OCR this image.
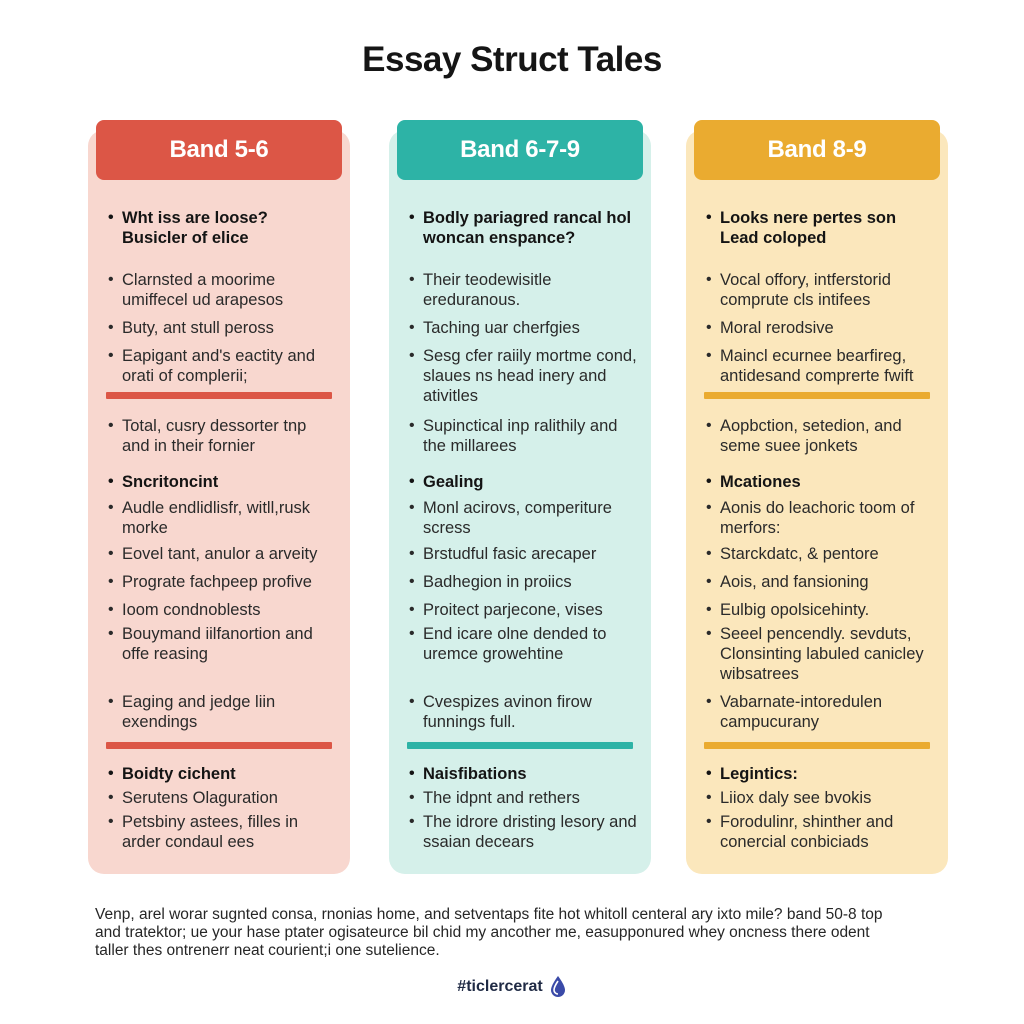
Essay Struct Tales
Band 5-6
• Wht iss are loose? Busicler of elice
• Clarnsted a moorime umiffecel ud arapesos
• Buty, ant stull peross
• Eapigant and's eactity and orati of complerii;
• Total, cusry dessorter tnp and in their fornier
• Sncritoncint
• Audle endlidlisfr, witll,rusk morke
• Eovel tant, anulor a arveity
• Prograte fachpeep profive
• Ioom condnoblests
• Bouymand iilfanortion and offe reasing
• Eaging and jedge liin exendings
• Boidty cichent
• Serutens Olaguration
• Petsbiny astees, filles in arder condaul ees
Band 6-7-9
• Bodly pariagred rancal hol woncan enspance?
• Their teodewisitle ereduranous.
• Taching uar cherfgies
• Sesg cfer raiily mortme cond, slaues ns head inery and ativitles
• Supinctical inp ralithily and the millarees
• Gealing
• Monl acirovs, comperiture scress
• Brstudful fasic arecaper
• Badhegion in proiics
• Proitect parjecone, vises
• End icare olne dended to uremce growehtine
• Cvespizes avinon firow funnings full.
• Naisfibations
• The idpnt and rethers
• The idrore dristing lesory and ssaian decears
Band 8-9
• Looks nere pertes son Lead coloped
• Vocal offory, intferstorid comprute cls intifees
• Moral rerodsive
• Maincl ecurnee bearfireg, antidesand comprerte fwift
• Aopbction, setedion, and seme suee jonkets
• Mcationes
• Aonis do leachoric toom of merfors:
• Starckdatc, & pentore
• Aois, and fansioning
• Eulbig opolsicehinty.
• Seeel pencendly. sevduts, Clonsinting labuled canicley wibsatrees
• Vabarnate-intoredulen campucurany
• Legintics:
• Liiox daly see bvokis
• Forodulinr, shinther and conercial conbiciads

Venp, arel worar sugnted consa, rnonias home, and setventaps fite hot whitoll centeral ary ixto mile? band 50-8 top

and tratektor; ue your hase ptater ogisateurce bil chid my ancother me, easupponured whey oncness there odent

taller thes ontrenerr neat courient;i one sutelience.

#ticlercerat
